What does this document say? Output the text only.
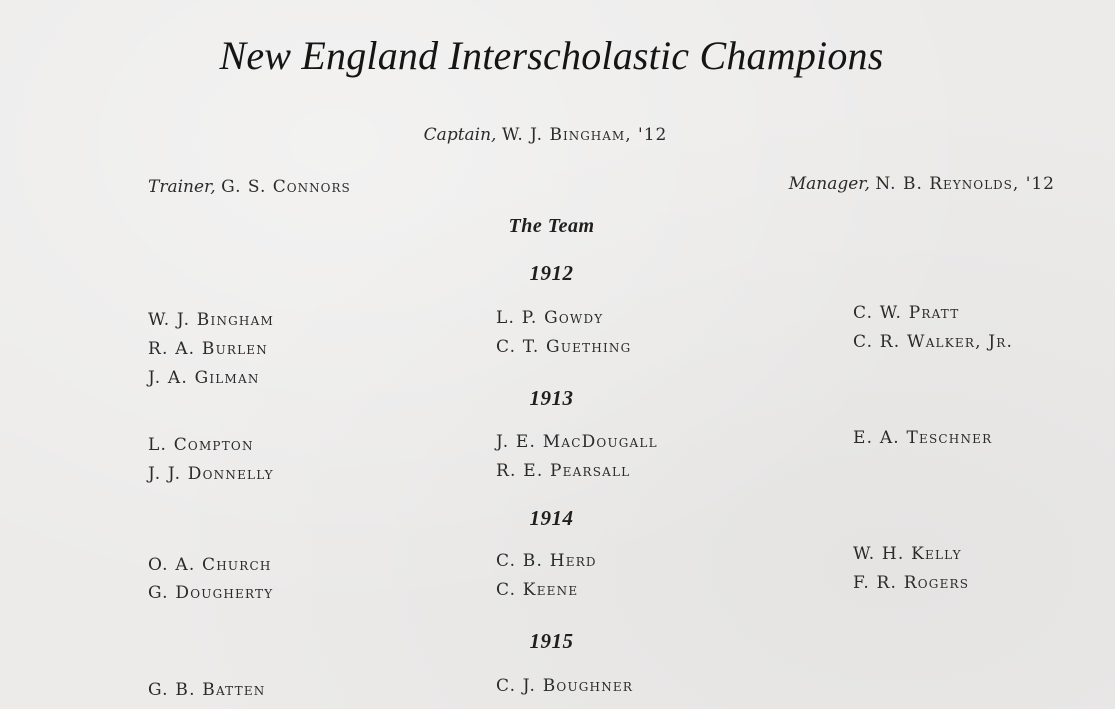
New England Interscholastic Champions
Captain, W. J. Bingham, '12
Trainer, G. S. Connors	Manager, N. B. Reynolds, '12
The Team
1912
W. J. Bingham
R. A. Burlen
J. A. Gilman
L. P. Gowdy
C. T. Guething
C. W. Pratt
C. R. Walker, Jr.
1913
L. Compton
J. J. Donnelly
J. E. MacDougall
R. E. Pearsall
E. A. Teschner
1914
O. A. Church
G. Dougherty
C. B. Herd
C. Keene
W. H. Kelly
F. R. Rogers
1915
G. B. Batten	C. J. Boughner
